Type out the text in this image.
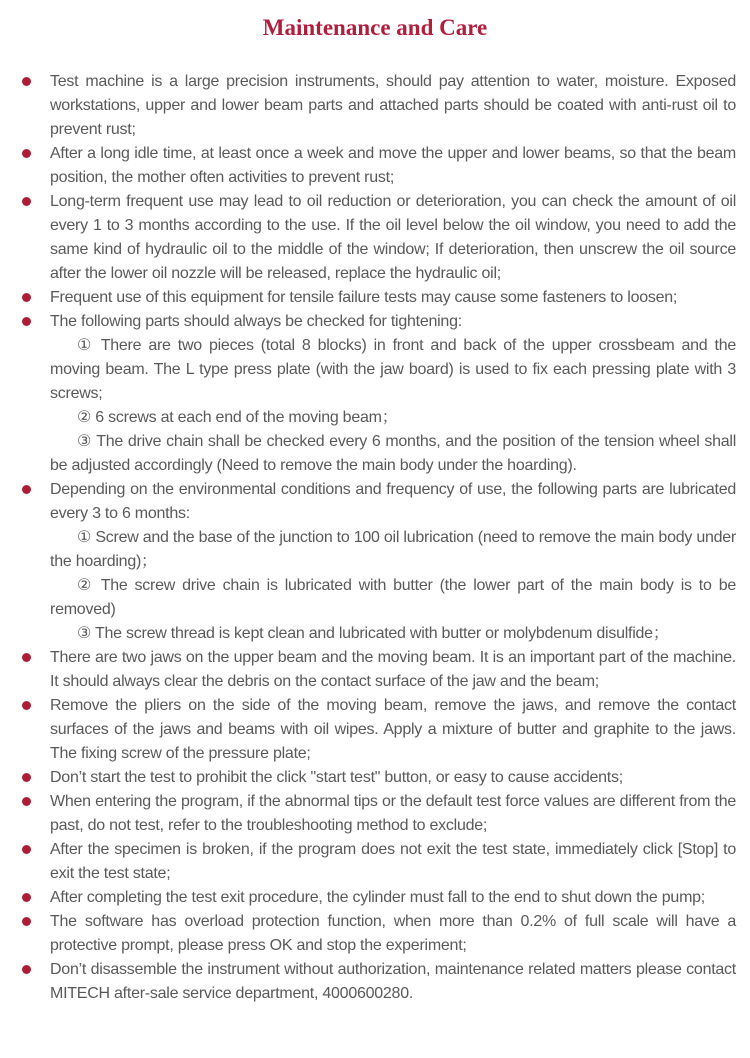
Maintenance and Care

Test machine is a large precision instruments, should pay attention to water, moisture. Exposed workstations, upper and lower beam parts and attached parts should be coated with anti-rust oil to prevent rust;

After a long idle time, at least once a week and move the upper and lower beams, so that the beam position, the mother often activities to prevent rust;

Long-term frequent use may lead to oil reduction or deterioration, you can check the amount of oil every 1 to 3 months according to the use. If the oil level below the oil window, you need to add the same kind of hydraulic oil to the middle of the window; If deterioration, then unscrew the oil source after the lower oil nozzle will be released, replace the hydraulic oil;

Frequent use of this equipment for tensile failure tests may cause some fasteners to loosen;

The following parts should always be checked for tightening:

① There are two pieces (total 8 blocks) in front and back of the upper crossbeam and the moving beam. The L type press plate (with the jaw board) is used to fix each pressing plate with 3 screws;

② 6 screws at each end of the moving beam；

③ The drive chain shall be checked every 6 months, and the position of the tension wheel shall be adjusted accordingly (Need to remove the main body under the hoarding).

Depending on the environmental conditions and frequency of use, the following parts are lubricated every 3 to 6 months:

① Screw and the base of the junction to 100 oil lubrication (need to remove the main body under the hoarding)；

② The screw drive chain is lubricated with butter (the lower part of the main body is to be removed)

③ The screw thread is kept clean and lubricated with butter or molybdenum disulfide；

There are two jaws on the upper beam and the moving beam. It is an important part of the machine. It should always clear the debris on the contact surface of the jaw and the beam;

Remove the pliers on the side of the moving beam, remove the jaws, and remove the contact surfaces of the jaws and beams with oil wipes. Apply a mixture of butter and graphite to the jaws. The fixing screw of the pressure plate;

Don’t start the test to prohibit the click "start test" button, or easy to cause accidents;

When entering the program, if the abnormal tips or the default test force values are different from the past, do not test, refer to the troubleshooting method to exclude;

After the specimen is broken, if the program does not exit the test state, immediately click [Stop] to exit the test state;

After completing the test exit procedure, the cylinder must fall to the end to shut down the pump;

The software has overload protection function, when more than 0.2% of full scale will have a protective prompt, please press OK and stop the experiment;

Don’t disassemble the instrument without authorization, maintenance related matters please contact MITECH after-sale service department, 4000600280.
